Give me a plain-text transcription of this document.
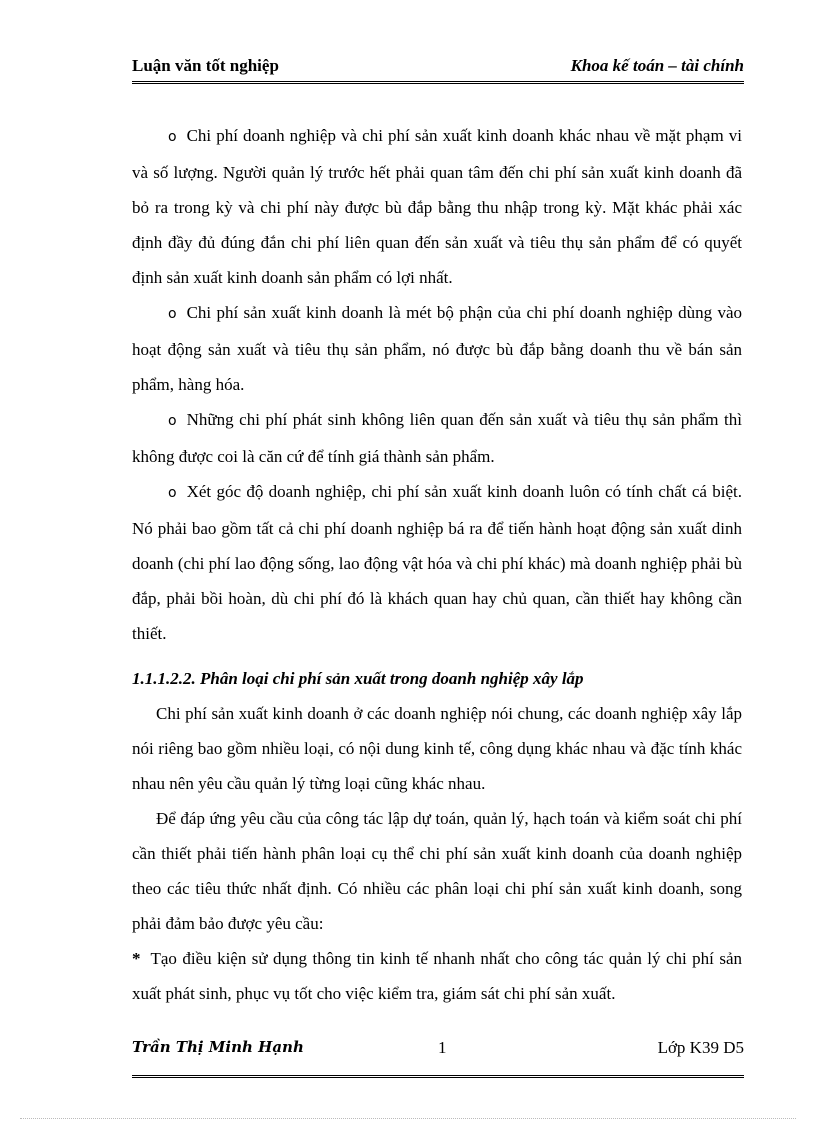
Luận văn tốt nghiệp	Khoa kế toán – tài chính

o Chi phí doanh nghiệp và chi phí sản xuất kinh doanh khác nhau về mặt phạm vi và số lượng. Người quản lý trước hết phải quan tâm đến chi phí sản xuất kinh doanh đã bỏ ra trong kỳ và chi phí này được bù đắp bằng thu nhập trong kỳ. Mặt khác phải xác định đầy đủ đúng đắn chi phí liên quan đến sản xuất và tiêu thụ sản phẩm để có quyết định sản xuất kinh doanh sản phẩm có lợi nhất.

o Chi phí sản xuất kinh doanh là mét bộ phận của chi phí doanh nghiệp dùng vào hoạt động sản xuất và tiêu thụ sản phẩm, nó được bù đắp bằng doanh thu về bán sản phẩm, hàng hóa.

o Những chi phí phát sinh không liên quan đến sản xuất và tiêu thụ sản phẩm thì không được coi là căn cứ để tính giá thành sản phẩm.

o Xét góc độ doanh nghiệp, chi phí sản xuất kinh doanh luôn có tính chất cá biệt. Nó phải bao gồm tất cả chi phí doanh nghiệp bá ra để tiến hành hoạt động sản xuất dinh doanh (chi phí lao động sống, lao động vật hóa và chi phí khác) mà doanh nghiệp phải bù đắp, phải bồi hoàn, dù chi phí đó là khách quan hay chủ quan, cần thiết hay không cần thiết.

1.1.1.2.2. Phân loại chi phí sản xuất trong doanh nghiệp xây lắp

Chi phí sản xuất kinh doanh ở các doanh nghiệp nói chung, các doanh nghiệp xây lắp nói riêng bao gồm nhiều loại, có nội dung kinh tế, công dụng khác nhau và đặc tính khác nhau nên yêu cầu quản lý từng loại cũng khác nhau.

Để đáp ứng yêu cầu của công tác lập dự toán, quản lý, hạch toán và kiểm soát chi phí cần thiết phải tiến hành phân loại cụ thể chi phí sản xuất kinh doanh của doanh nghiệp theo các tiêu thức nhất định. Có nhiều các phân loại chi phí sản xuất kinh doanh, song phải đảm bảo được yêu cầu:

* Tạo điều kiện sử dụng thông tin kinh tế nhanh nhất cho công tác quản lý chi phí sản xuất phát sinh, phục vụ tốt cho việc kiểm tra, giám sát chi phí sản xuất.

Trần Thị Minh Hạnh	1	Lớp K39 D5
